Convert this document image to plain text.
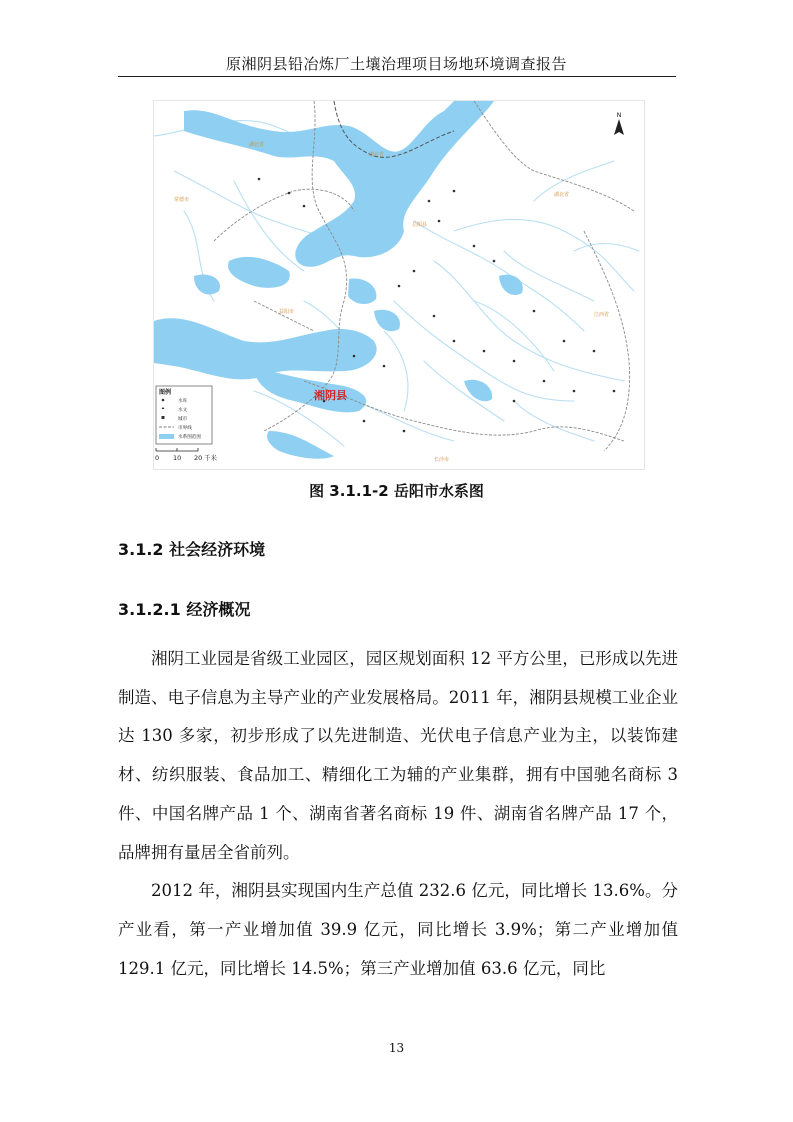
原湘阴县铅冶炼厂土壤治理项目场地环境调查报告
湖北省
湖北省
湖北省
岳阳县
江西省
长沙市
常德市
益阳市
湘阴县
N
图例
水库
水文
城市
市界线
水系图范围
0 10 20 千米
图 3.1.1-2 岳阳市水系图
3.1.2 社会经济环境
3.1.2.1 经济概况

湘阴工业园是省级工业园区，园区规划面积 12 平方公里，已形成以先进制造、电子信息为主导产业的产业发展格局。2011 年，湘阴县规模工业企业达 130 多家，初步形成了以先进制造、光伏电子信息产业为主，以装饰建材、纺织服装、食品加工、精细化工为辅的产业集群，拥有中国驰名商标 3 件、中国名牌产品 1 个、湖南省著名商标 19 件、湖南省名牌产品 17 个，品牌拥有量居全省前列。

2012 年，湘阴县实现国内生产总值 232.6 亿元，同比增长 13.6%。分产业看，第一产业增加值 39.9 亿元，同比增长 3.9%；第二产业增加值 129.1 亿元，同比增长 14.5%；第三产业增加值 63.6 亿元，同比

13
